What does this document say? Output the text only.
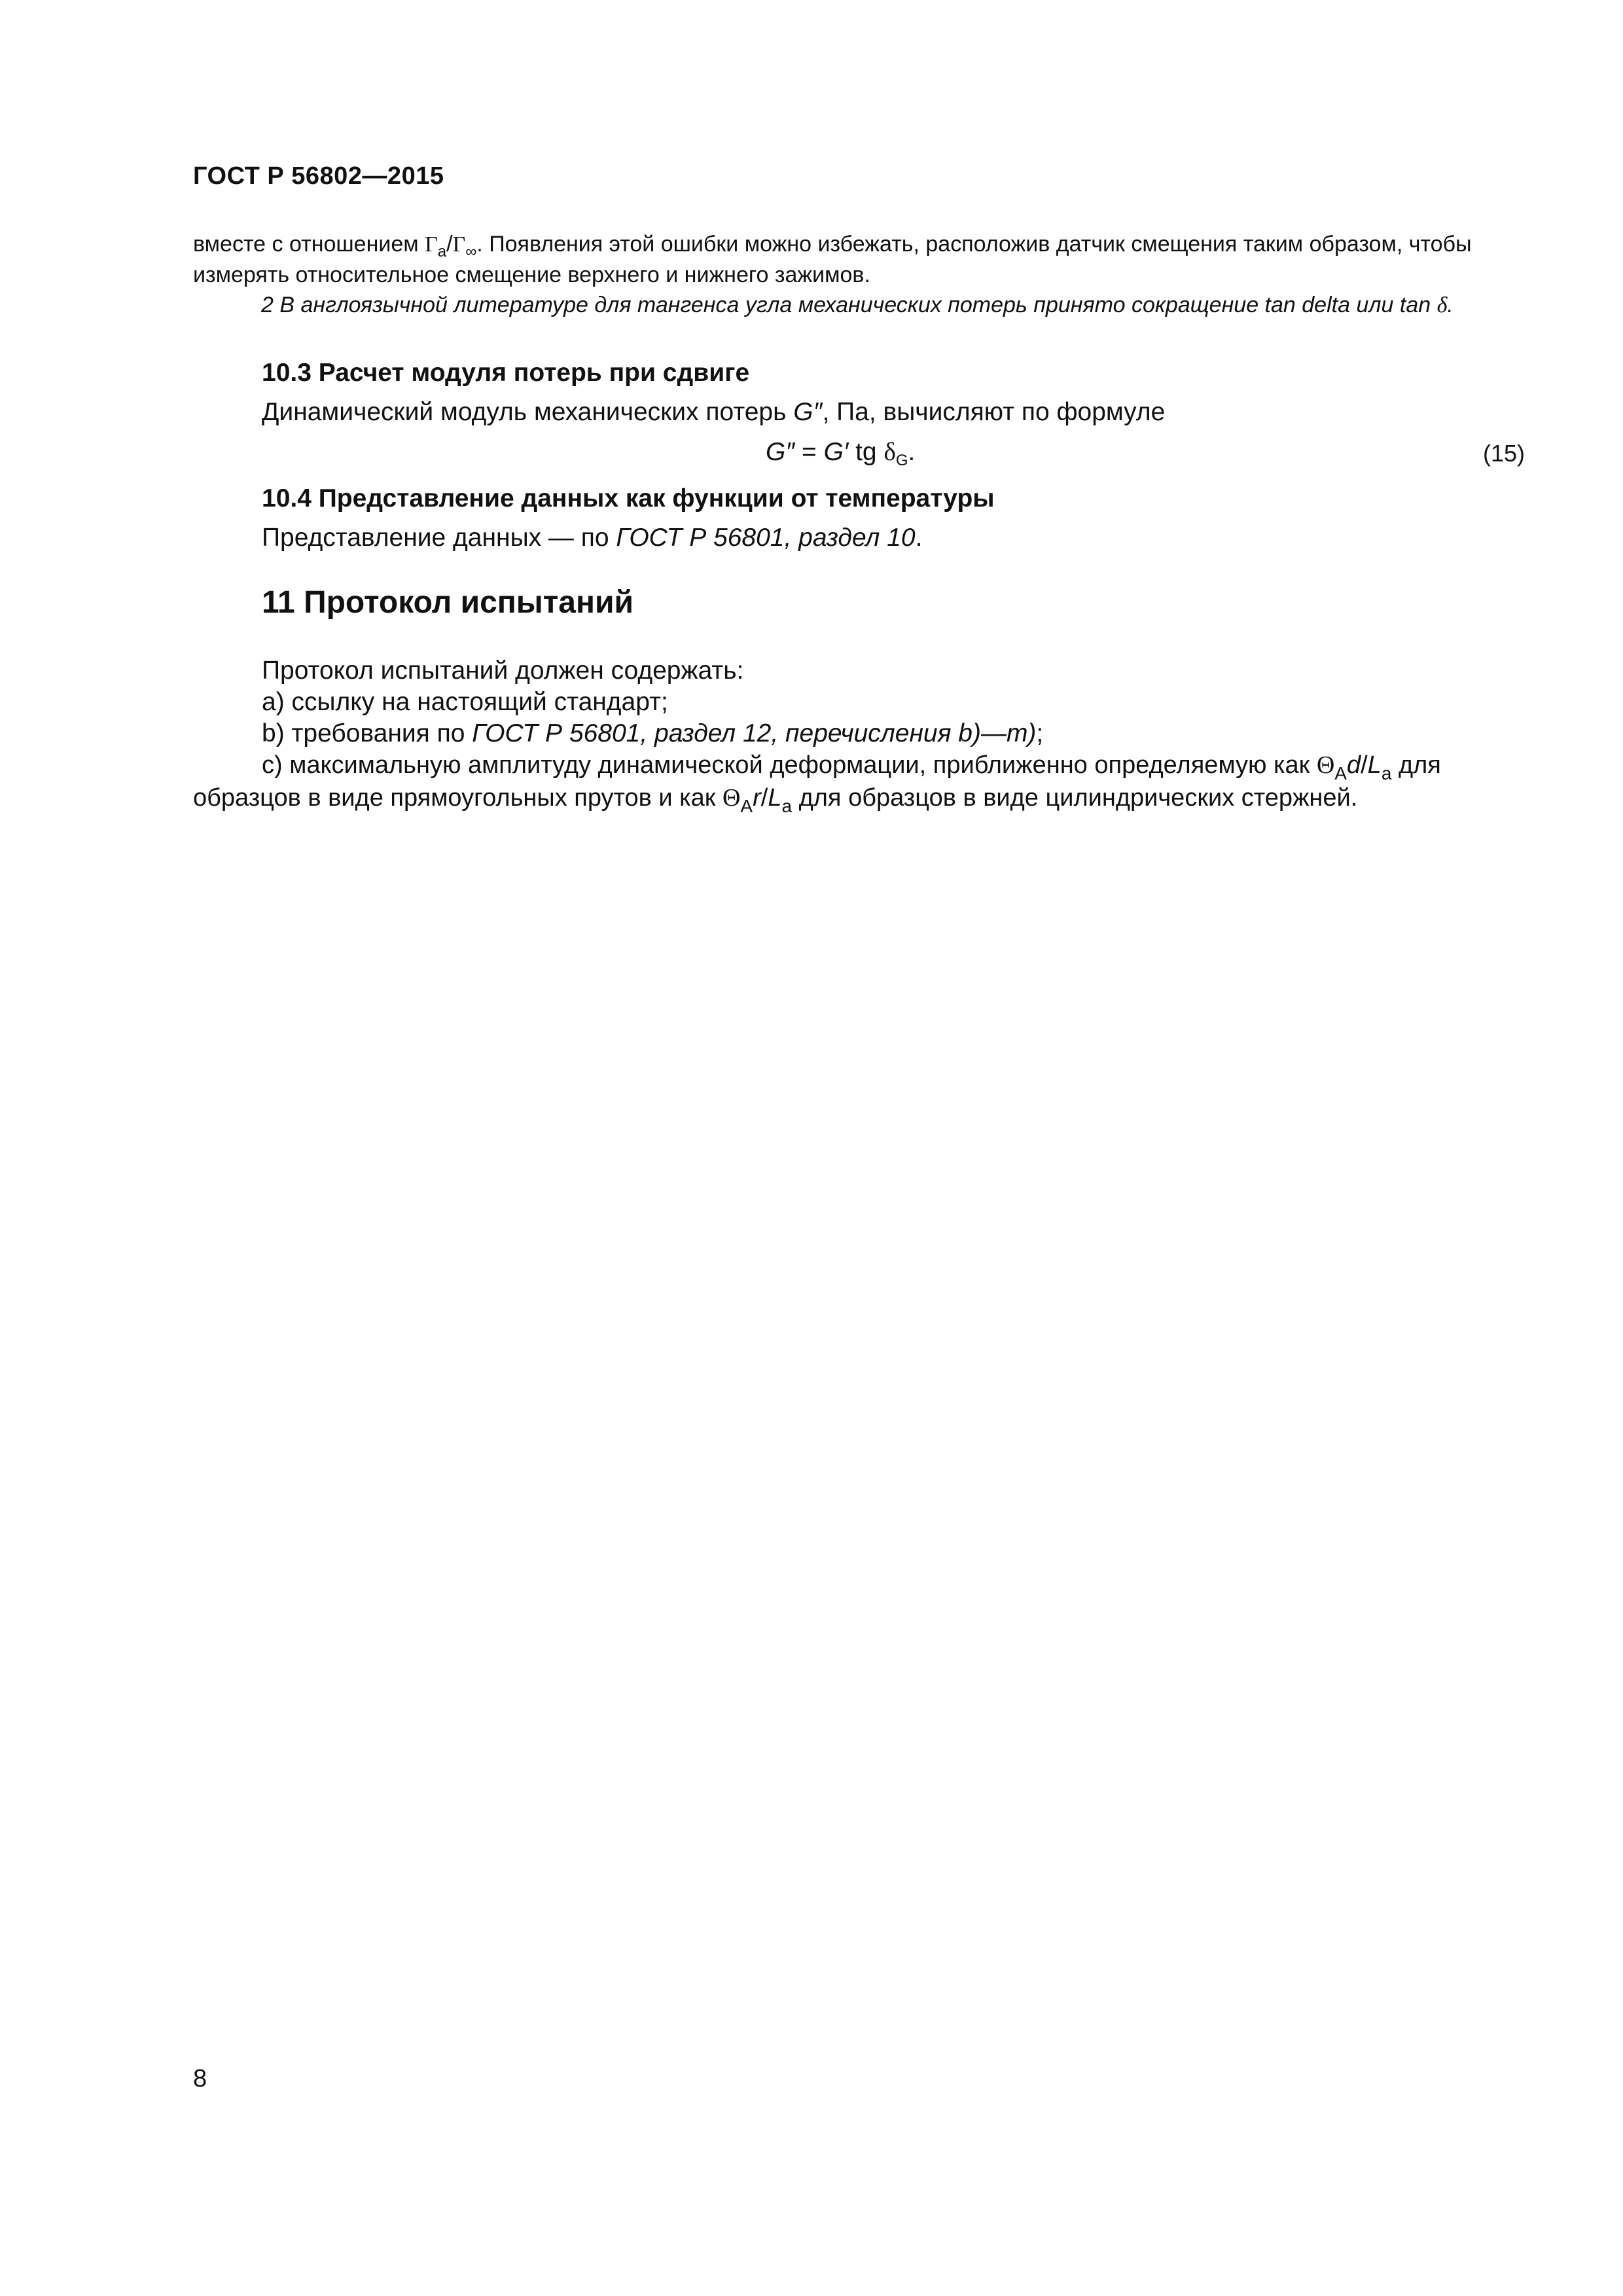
ГОСТ Р 56802—2015

вместе с отношением $Г_a/Г_\infty$. Появления этой ошибки можно избежать, расположив датчик смещения таким образом, чтобы измерять относительное смещение верхнего и нижнего зажимов.

2 В англоязычной литературе для тангенса угла механических потерь принято сокращение tan delta или tan δ.

10.3 Расчет модуля потерь при сдвиге
Динамический модуль механических потерь G″, Па, вычисляют по формуле
G″ = G′ tg $\delta_G$.	(15)
10.4 Представление данных как функции от температуры
Представление данных — по ГОСТ Р 56801, раздел 10.
11 Протокол испытаний
Протокол испытаний должен содержать:
а) ссылку на настоящий стандарт;
b) требования по ГОСТ Р 56801, раздел 12, перечисления b)—m);
с) максимальную амплитуду динамической деформации, приближенно определяемую как $\Theta_Ad/L_a$ для образцов в виде прямоугольных прутов и как $\Theta_Ar/L_a$ для образцов в виде цилиндрических стержней.
8
